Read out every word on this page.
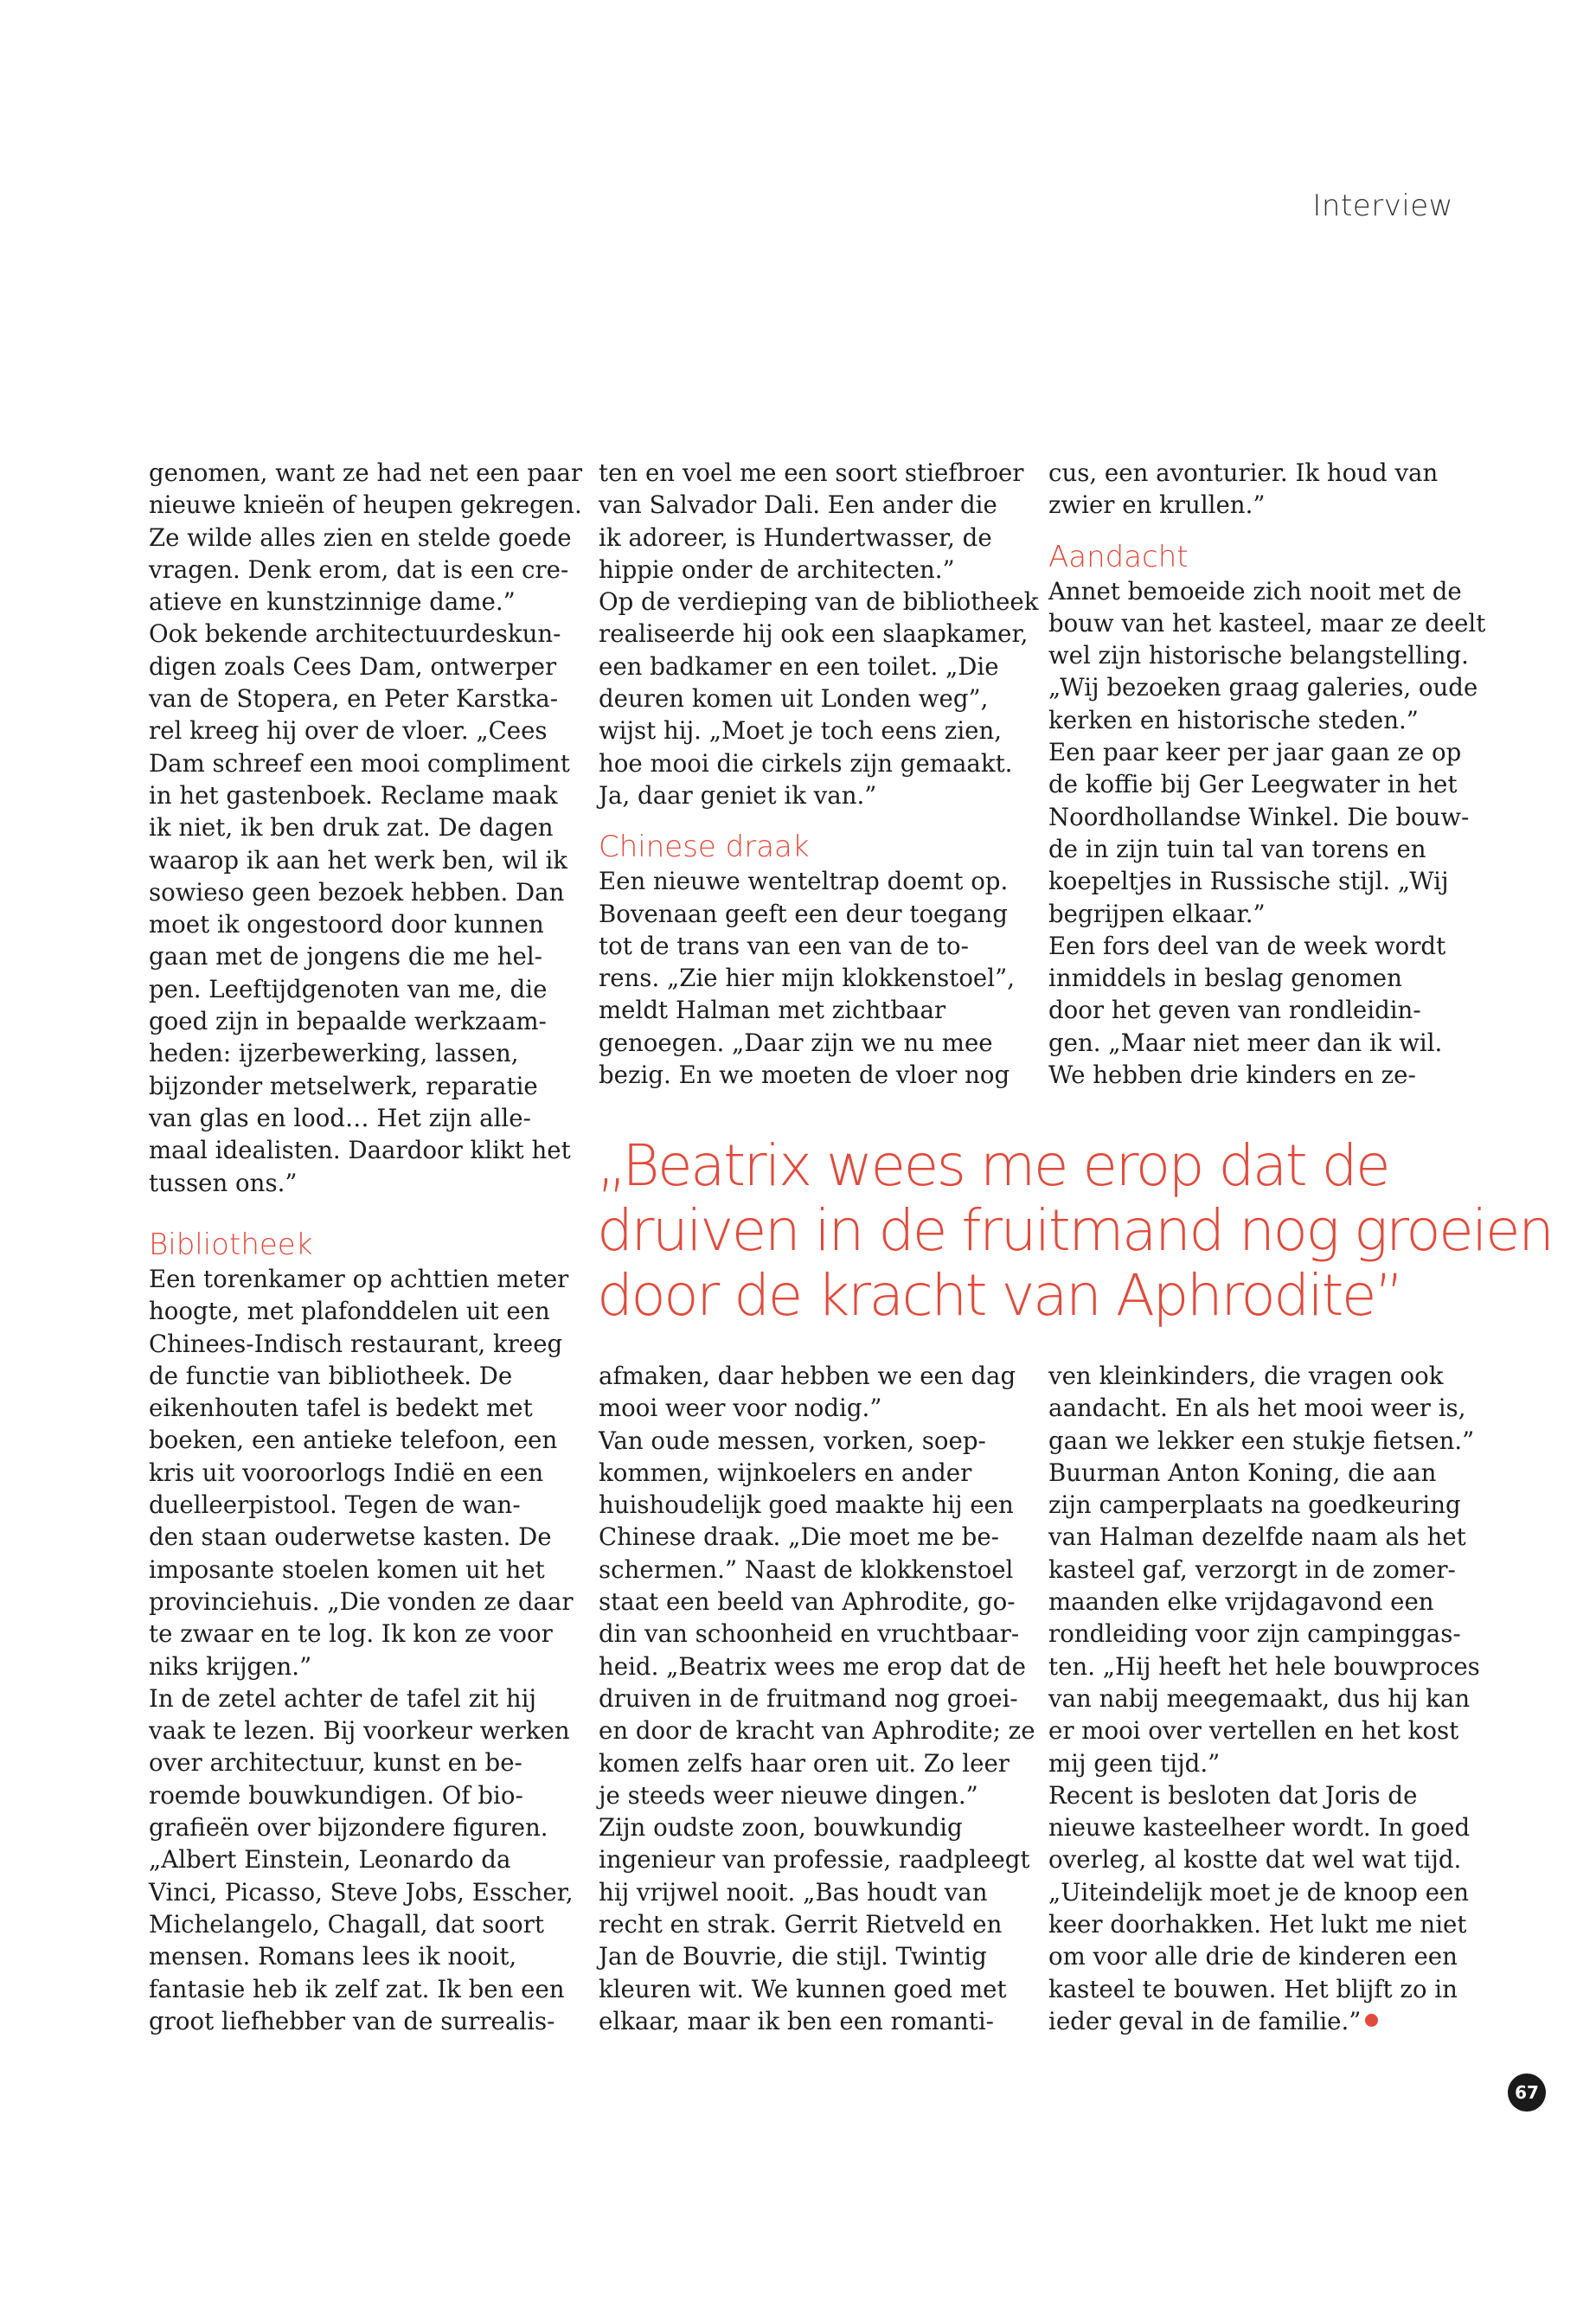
Interview
genomen, want ze had net een paar
nieuwe knieën of heupen gekregen.
Ze wilde alles zien en stelde goede
vragen. Denk erom, dat is een cre-
atieve en kunstzinnige dame.”
Ook bekende architectuurdeskun-
digen zoals Cees Dam, ontwerper
van de Stopera, en Peter Karstka-
rel kreeg hij over de vloer. „Cees
Dam schreef een mooi compliment
in het gastenboek. Reclame maak
ik niet, ik ben druk zat. De dagen
waarop ik aan het werk ben, wil ik
sowieso geen bezoek hebben. Dan
moet ik ongestoord door kunnen
gaan met de jongens die me hel-
pen. Leeftijdgenoten van me, die
goed zijn in bepaalde werkzaam-
heden: ijzerbewerking, lassen,
bijzonder metselwerk, reparatie
van glas en lood… Het zijn alle-
maal idealisten. Daardoor klikt het
tussen ons.”
Bibliotheek
Een torenkamer op achttien meter
hoogte, met plafonddelen uit een
Chinees-Indisch restaurant, kreeg
de functie van bibliotheek. De
eikenhouten tafel is bedekt met
boeken, een antieke telefoon, een
kris uit vooroorlogs Indië en een
duelleerpistool. Tegen de wan-
den staan ouderwetse kasten. De
imposante stoelen komen uit het
provinciehuis. „Die vonden ze daar
te zwaar en te log. Ik kon ze voor
niks krijgen.”
In de zetel achter de tafel zit hij
vaak te lezen. Bij voorkeur werken
over architectuur, kunst en be-
roemde bouwkundigen. Of bio-
grafieën over bijzondere figuren.
„Albert Einstein, Leonardo da
Vinci, Picasso, Steve Jobs, Esscher,
Michelangelo, Chagall, dat soort
mensen. Romans lees ik nooit,
fantasie heb ik zelf zat. Ik ben een
groot liefhebber van de surrealis-
ten en voel me een soort stiefbroer
van Salvador Dali. Een ander die
ik adoreer, is Hundertwasser, de
hippie onder de architecten.”
Op de verdieping van de bibliotheek
realiseerde hij ook een slaapkamer,
een badkamer en een toilet. „Die
deuren komen uit Londen weg”,
wijst hij. „Moet je toch eens zien,
hoe mooi die cirkels zijn gemaakt.
Ja, daar geniet ik van.”
Chinese draak
Een nieuwe wenteltrap doemt op.
Bovenaan geeft een deur toegang
tot de trans van een van de to-
rens. „Zie hier mijn klokkenstoel”,
meldt Halman met zichtbaar
genoegen. „Daar zijn we nu mee
bezig. En we moeten de vloer nog
cus, een avonturier. Ik houd van
zwier en krullen.”
Aandacht
Annet bemoeide zich nooit met de
bouw van het kasteel, maar ze deelt
wel zijn historische belangstelling.
„Wij bezoeken graag galeries, oude
kerken en historische steden.”
Een paar keer per jaar gaan ze op
de koffie bij Ger Leegwater in het
Noordhollandse Winkel. Die bouw-
de in zijn tuin tal van torens en
koepeltjes in Russische stijl. „Wij
begrijpen elkaar.”
Een fors deel van de week wordt
inmiddels in beslag genomen
door het geven van rondleidin-
gen. „Maar niet meer dan ik wil.
We hebben drie kinders en ze-
„Beatrix wees me erop dat de
druiven in de fruitmand nog groeien
door de kracht van Aphrodite”
afmaken, daar hebben we een dag
mooi weer voor nodig.”
Van oude messen, vorken, soep-
kommen, wijnkoelers en ander
huishoudelijk goed maakte hij een
Chinese draak. „Die moet me be-
schermen.” Naast de klokkenstoel
staat een beeld van Aphrodite, go-
din van schoonheid en vruchtbaar-
heid. „Beatrix wees me erop dat de
druiven in de fruitmand nog groei-
en door de kracht van Aphrodite; ze
komen zelfs haar oren uit. Zo leer
je steeds weer nieuwe dingen.”
Zijn oudste zoon, bouwkundig
ingenieur van professie, raadpleegt
hij vrijwel nooit. „Bas houdt van
recht en strak. Gerrit Rietveld en
Jan de Bouvrie, die stijl. Twintig
kleuren wit. We kunnen goed met
elkaar, maar ik ben een romanti-
ven kleinkinders, die vragen ook
aandacht. En als het mooi weer is,
gaan we lekker een stukje fietsen.”
Buurman Anton Koning, die aan
zijn camperplaats na goedkeuring
van Halman dezelfde naam als het
kasteel gaf, verzorgt in de zomer-
maanden elke vrijdagavond een
rondleiding voor zijn campinggas-
ten. „Hij heeft het hele bouwproces
van nabij meegemaakt, dus hij kan
er mooi over vertellen en het kost
mij geen tijd.”
Recent is besloten dat Joris de
nieuwe kasteelheer wordt. In goed
overleg, al kostte dat wel wat tijd.
„Uiteindelijk moet je de knoop een
keer doorhakken. Het lukt me niet
om voor alle drie de kinderen een
kasteel te bouwen. Het blijft zo in
ieder geval in de familie.”
67
